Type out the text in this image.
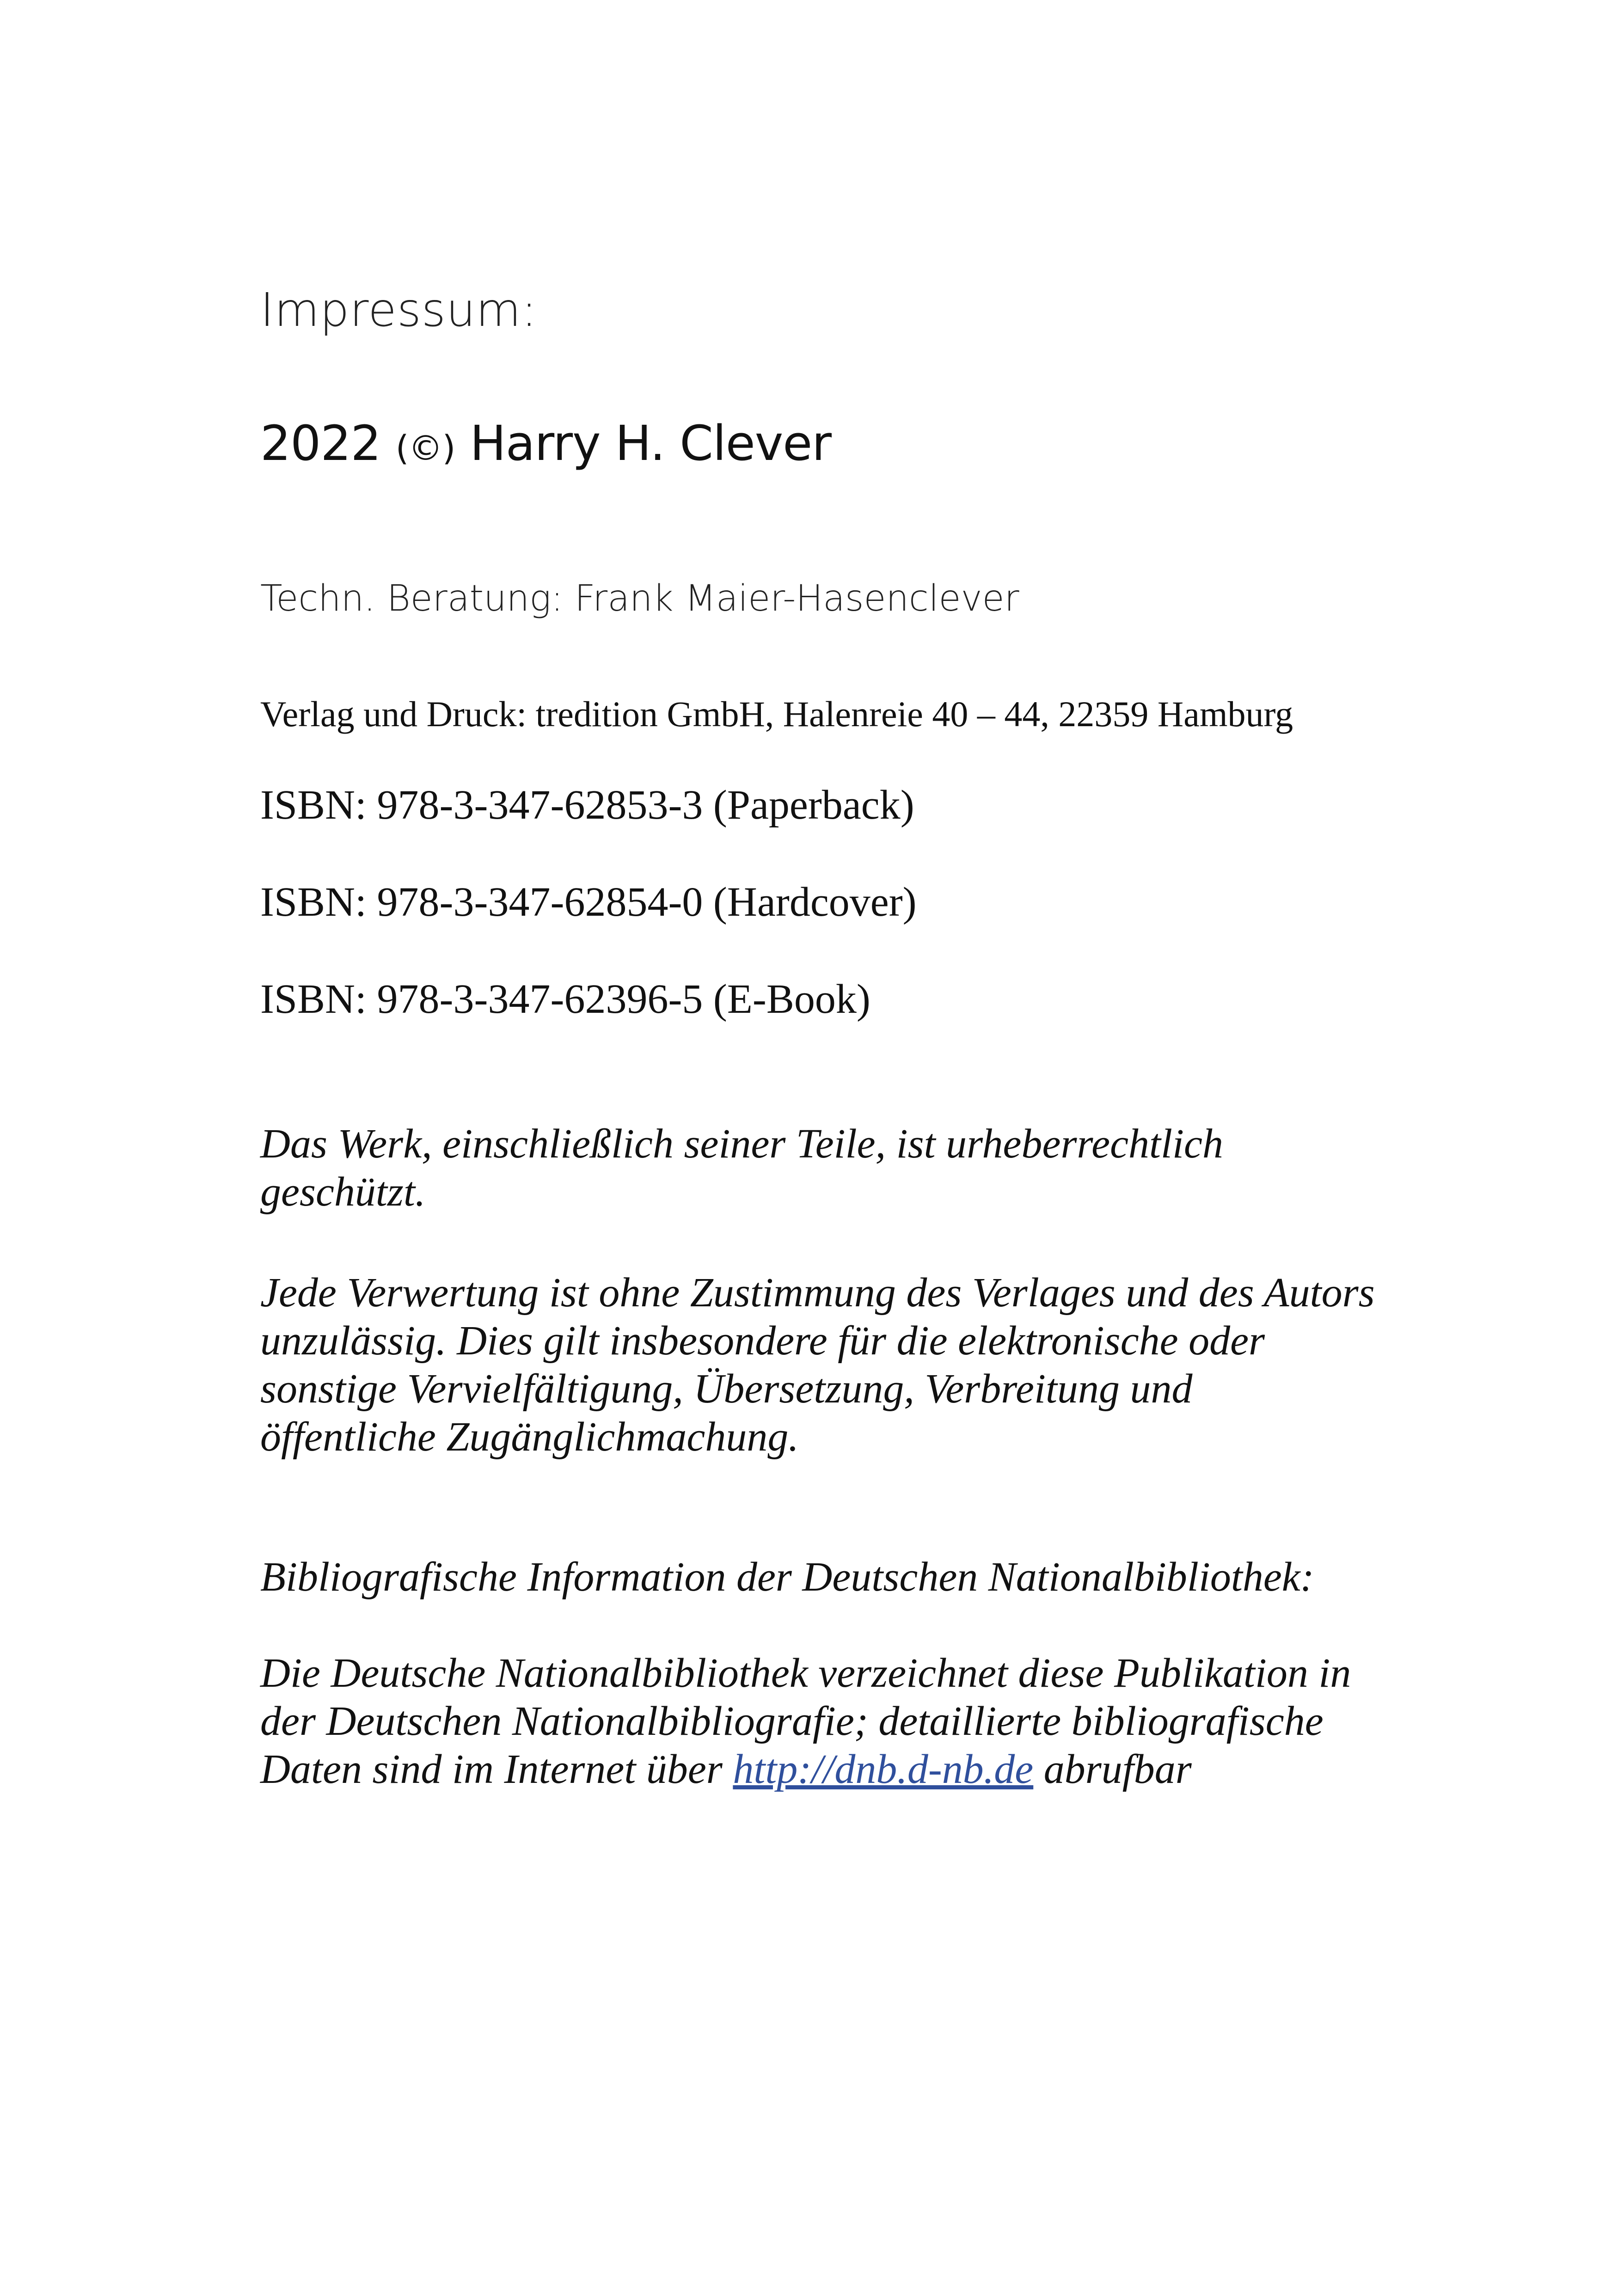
Impressum:

2022 (©) Harry H. Clever

Techn. Beratung: Frank Maier-Hasenclever

Verlag und Druck: tredition GmbH, Halenreie 40 – 44, 22359 Hamburg

ISBN: 978-3-347-62853-3 (Paperback)

ISBN: 978-3-347-62854-0 (Hardcover)

ISBN: 978-3-347-62396-5 (E-Book)

Das Werk, einschließlich seiner Teile, ist urheberrechtlich
geschützt.
Jede Verwertung ist ohne Zustimmung des Verlages und des Autors
unzulässig. Dies gilt insbesondere für die elektronische oder
sonstige Vervielfältigung, Übersetzung, Verbreitung und
öffentliche Zugänglichmachung.
Bibliografische Information der Deutschen Nationalbibliothek:
Die Deutsche Nationalbibliothek verzeichnet diese Publikation in
der Deutschen Nationalbibliografie; detaillierte bibliografische
Daten sind im Internet über http://dnb.d-nb.de abrufbar
